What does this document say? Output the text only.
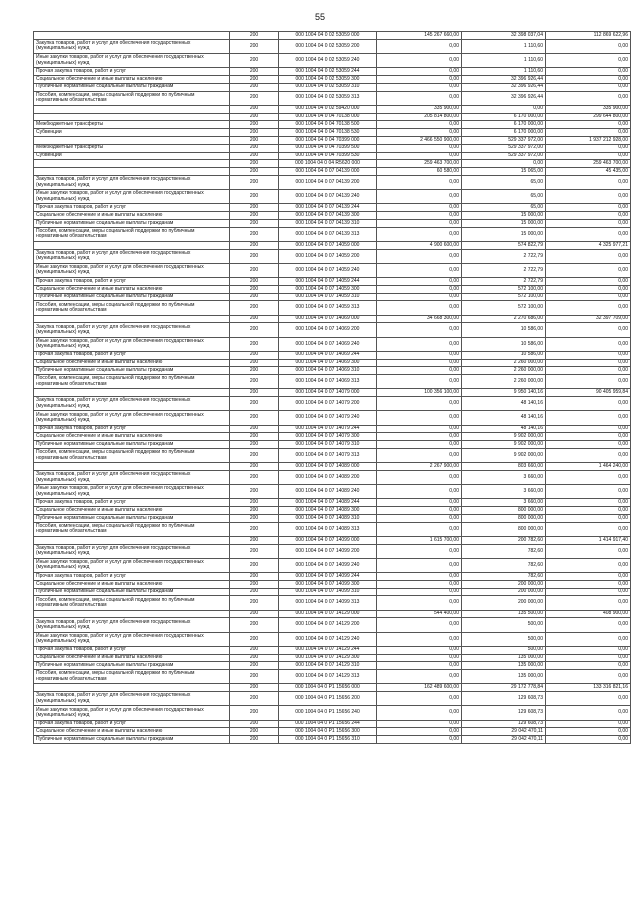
55
	200	000 1004 04 0 02 53059 000	145 267 660,00	32 398 037,04	112 869 622,96
Закупка товаров, работ и услуг для обеспечения государственных (муниципальных) нужд	200	000 1004 04 0 02 53059 200	0,00	1 110,60	0,00
Иные закупки товаров, работ и услуг для обеспечения государственных (муниципальных) нужд	200	000 1004 04 0 02 53059 240	0,00	1 110,60	0,00
Прочая закупка товаров, работ и услуг	200	000 1004 04 0 02 53059 244	0,00	1 110,60	0,00
Социальное обеспечение и иные выплаты населению	200	000 1004 04 0 02 53059 300	0,00	32 396 926,44	0,00
Публичные нормативные социальные выплаты гражданам	200	000 1004 04 0 02 53059 310	0,00	32 396 926,44	0,00
Пособия, компенсации, меры социальной поддержки по публичным нормативным обязательствам	200	000 1004 04 0 02 53059 313	0,00	32 396 926,44	0,00
	200	000 1004 04 0 02 59420 000	335 900,00	0,00	335 900,00
	200	000 1004 04 0 04 70138 000	205 814 800,00	6 170 000,00	299 644 800,00
Межбюджетные трансферты	200	000 1004 04 0 04 70138 500	0,00	6 170 000,00	0,00
Субвенции	200	000 1004 04 0 04 70138 530	0,00	6 170 000,00	0,00
	200	000 1004 04 0 04 70399 000	2 466 550 900,00	529 337 972,00	1 937 212 928,00
Межбюджетные трансферты	200	000 1004 04 0 04 70399 500	0,00	529 337 972,00	0,00
Субвенции	200	000 1004 04 0 04 70399 530	0,00	529 337 972,00	0,00
	200	000 1004 04 0 04 R5620 000	259 463 700,00	0,00	259 463 700,00
	200	000 1004 04 0 07 04139 000	60 580,00	15 065,00	45 435,00
Закупка товаров, работ и услуг для обеспечения государственных (муниципальных) нужд	200	000 1004 04 0 07 04139 200	0,00	65,00	0,00
Иные закупки товаров, работ и услуг для обеспечения государственных (муниципальных) нужд	200	000 1004 04 0 07 04139 240	0,00	65,00	0,00
Прочая закупка товаров, работ и услуг	200	000 1004 04 0 07 04139 244	0,00	65,00	0,00
Социальное обеспечение и иные выплаты населению	200	000 1004 04 0 07 04139 300	0,00	15 000,00	0,00
Публичные нормативные социальные выплаты гражданам	200	000 1004 04 0 07 04139 310	0,00	15 000,00	0,00
Пособия, компенсации, меры социальной поддержки по публичным нормативным обязательствам	200	000 1004 04 0 07 04139 313	0,00	15 000,00	0,00
	200	000 1004 04 0 07 14059 000	4 900 600,00	574 822,79	4 325 977,21
Закупка товаров, работ и услуг для обеспечения государственных (муниципальных) нужд	200	000 1004 04 0 07 14059 200	0,00	2 722,79	0,00
Иные закупки товаров, работ и услуг для обеспечения государственных (муниципальных) нужд	200	000 1004 04 0 07 14059 240	0,00	2 722,79	0,00
Прочая закупка товаров, работ и услуг	200	000 1004 04 0 07 14059 244	0,00	2 722,79	0,00
Социальное обеспечение и иные выплаты населению	200	000 1004 04 0 07 14059 300	0,00	572 100,00	0,00
Публичные нормативные социальные выплаты гражданам	200	000 1004 04 0 07 14059 310	0,00	572 100,00	0,00
Пособия, компенсации, меры социальной поддержки по публичным нормативным обязательствам	200	000 1004 04 0 07 14059 313	0,00	572 100,00	0,00
	200	000 1004 04 0 07 14069 000	34 668 300,00	2 270 686,00	32 397 709,00
Закупка товаров, работ и услуг для обеспечения государственных (муниципальных) нужд	200	000 1004 04 0 07 14069 200	0,00	10 586,00	0,00
Иные закупки товаров, работ и услуг для обеспечения государственных (муниципальных) нужд	200	000 1004 04 0 07 14069 240	0,00	10 586,00	0,00
Прочая закупка товаров, работ и услуг	200	000 1004 04 0 07 14069 244	0,00	10 586,00	0,00
Социальное обеспечение и иные выплаты населению	200	000 1004 04 0 07 14069 300	0,00	2 260 000,00	0,00
Публичные нормативные социальные выплаты гражданам	200	000 1004 04 0 07 14069 310	0,00	2 260 000,00	0,00
Пособия, компенсации, меры социальной поддержки по публичным нормативным обязательствам	200	000 1004 04 0 07 14069 313	0,00	2 260 000,00	0,00
	200	000 1004 04 0 07 14079 000	100 356 100,00	9 950 140,16	90 405 959,84
Закупка товаров, работ и услуг для обеспечения государственных (муниципальных) нужд	200	000 1004 04 0 07 14079 200	0,00	48 140,16	0,00
Иные закупки товаров, работ и услуг для обеспечения государственных (муниципальных) нужд	200	000 1004 04 0 07 14079 240	0,00	48 140,16	0,00
Прочая закупка товаров, работ и услуг	200	000 1004 04 0 07 14079 244	0,00	48 140,16	0,00
Социальное обеспечение и иные выплаты населению	200	000 1004 04 0 07 14079 300	0,00	9 902 000,00	0,00
Публичные нормативные социальные выплаты гражданам	200	000 1004 04 0 07 14079 310	0,00	9 902 000,00	0,00
Пособия, компенсации, меры социальной поддержки по публичным нормативным обязательствам	200	000 1004 04 0 07 14079 313	0,00	9 902 000,00	0,00
	200	000 1004 04 0 07 14089 000	2 267 900,00	803 660,00	1 464 240,00
Закупка товаров, работ и услуг для обеспечения государственных (муниципальных) нужд	200	000 1004 04 0 07 14089 200	0,00	3 660,00	0,00
Иные закупки товаров, работ и услуг для обеспечения государственных (муниципальных) нужд	200	000 1004 04 0 07 14089 240	0,00	3 660,00	0,00
Прочая закупка товаров, работ и услуг	200	000 1004 04 0 07 14089 244	0,00	3 660,00	0,00
Социальное обеспечение и иные выплаты населению	200	000 1004 04 0 07 14089 300	0,00	800 000,00	0,00
Публичные нормативные социальные выплаты гражданам	200	000 1004 04 0 07 14089 310	0,00	800 000,00	0,00
Пособия, компенсации, меры социальной поддержки по публичным нормативным обязательствам	200	000 1004 04 0 07 14089 313	0,00	800 000,00	0,00
	200	000 1004 04 0 07 14099 000	1 615 700,00	200 782,60	1 414 917,40
Закупка товаров, работ и услуг для обеспечения государственных (муниципальных) нужд	200	000 1004 04 0 07 14099 200	0,00	782,60	0,00
Иные закупки товаров, работ и услуг для обеспечения государственных (муниципальных) нужд	200	000 1004 04 0 07 14099 240	0,00	782,60	0,00
Прочая закупка товаров, работ и услуг	200	000 1004 04 0 07 14099 244	0,00	782,60	0,00
Социальное обеспечение и иные выплаты населению	200	000 1004 04 0 07 14099 300	0,00	200 000,00	0,00
Публичные нормативные социальные выплаты гражданам	200	000 1004 04 0 07 14099 310	0,00	200 000,00	0,00
Пособия, компенсации, меры социальной поддержки по публичным нормативным обязательствам	200	000 1004 04 0 07 14099 313	0,00	200 000,00	0,00
	200	000 1004 04 0 07 14129 000	544 400,00	135 500,00	408 900,00
Закупка товаров, работ и услуг для обеспечения государственных (муниципальных) нужд	200	000 1004 04 0 07 14129 200	0,00	500,00	0,00
Иные закупки товаров, работ и услуг для обеспечения государственных (муниципальных) нужд	200	000 1004 04 0 07 14129 240	0,00	500,00	0,00
Прочая закупка товаров, работ и услуг	200	000 1004 04 0 07 14129 244	0,00	500,00	0,00
Социальное обеспечение и иные выплаты населению	200	000 1004 04 0 07 14129 300	0,00	135 000,00	0,00
Публичные нормативные социальные выплаты гражданам	200	000 1004 04 0 07 14129 310	0,00	135 000,00	0,00
Пособия, компенсации, меры социальной поддержки по публичным нормативным обязательствам	200	000 1004 04 0 07 14129 313	0,00	135 000,00	0,00
	200	000 1004 04 0 P1 15656 000	162 489 600,00	29 172 778,84	133 316 821,16
Закупка товаров, работ и услуг для обеспечения государственных (муниципальных) нужд	200	000 1004 04 0 P1 15656 200	0,00	129 608,73	0,00
Иные закупки товаров, работ и услуг для обеспечения государственных (муниципальных) нужд	200	000 1004 04 0 P1 15656 240	0,00	129 608,73	0,00
Прочая закупка товаров, работ и услуг	200	000 1004 04 0 P1 15656 244	0,00	129 608,73	0,00
Социальное обеспечение и иные выплаты населению	200	000 1004 04 0 P1 15656 300	0,00	29 042 470,11	0,00
Публичные нормативные социальные выплаты гражданам	200	000 1004 04 0 P1 15656 310	0,00	29 042 470,11	0,00
